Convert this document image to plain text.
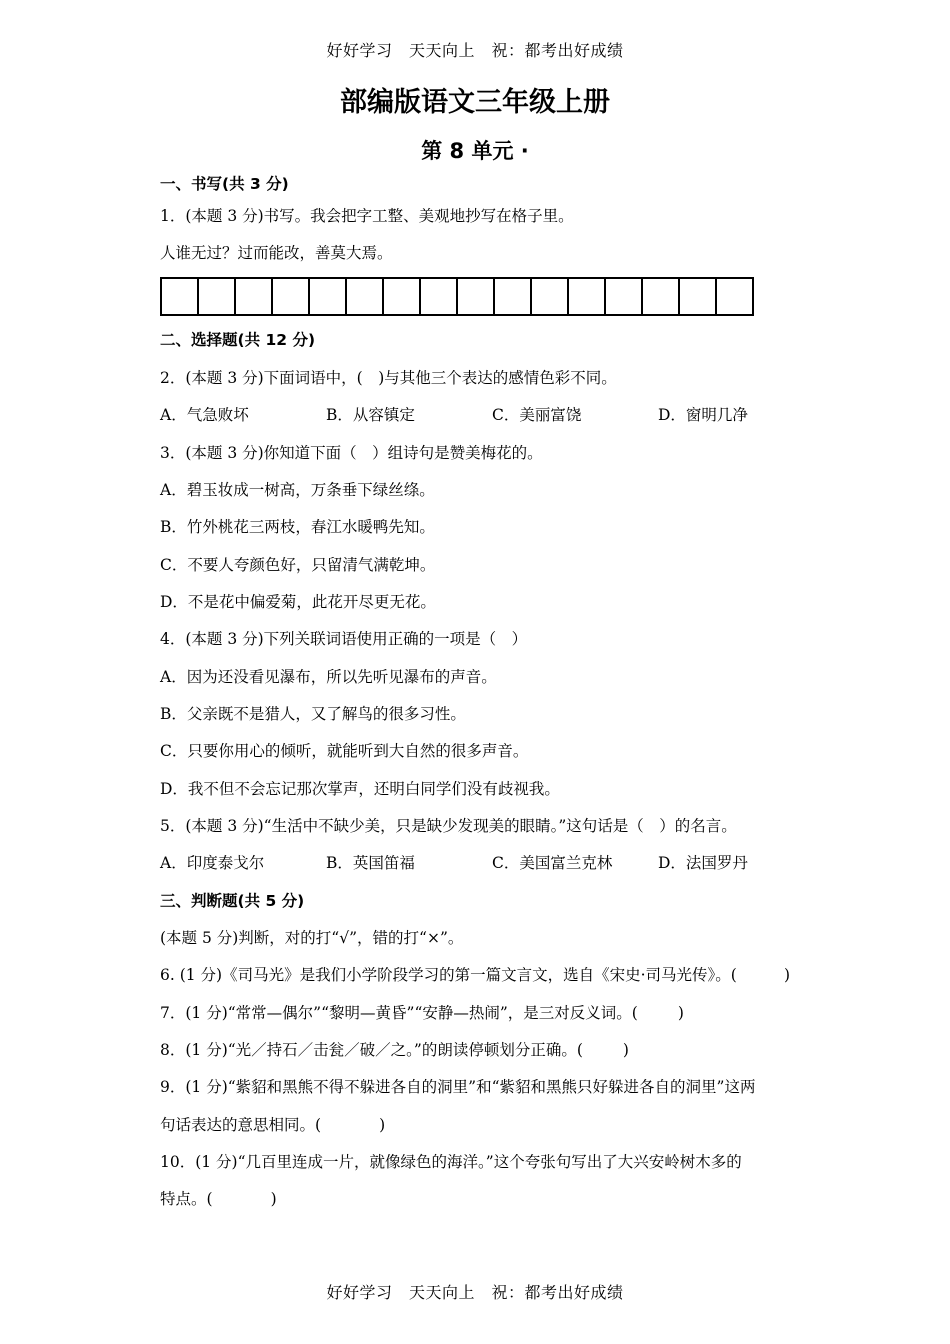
好好学习　天天向上　祝：都考出好成绩
部编版语文三年级上册
第 8 单元 ·
一、书写(共 3 分)
1．(本题 3 分)书写。我会把字工整、美观地抄写在格子里。
人谁无过？过而能改，善莫大焉。
二、选择题(共 12 分)
2．(本题 3 分)下面词语中，(　)与其他三个表达的感情色彩不同。
A．气急败坏	B．从容镇定	C．美丽富饶	D．窗明几净
3．(本题 3 分)你知道下面（　）组诗句是赞美梅花的。
A．碧玉妆成一树高，万条垂下绿丝绦。
B．竹外桃花三两枝，春江水暖鸭先知。
C．不要人夸颜色好，只留清气满乾坤。
D．不是花中偏爱菊，此花开尽更无花。
4．(本题 3 分)下列关联词语使用正确的一项是（　）
A．因为还没看见瀑布，所以先听见瀑布的声音。
B．父亲既不是猎人，又了解鸟的很多习性。
C．只要你用心的倾听，就能听到大自然的很多声音。
D．我不但不会忘记那次掌声，还明白同学们没有歧视我。
5．(本题 3 分)“生活中不缺少美，只是缺少发现美的眼睛。”这句话是（　）的名言。
A．印度泰戈尔	B．英国笛福	C．美国富兰克林	D．法国罗丹
三、判断题(共 5 分)
(本题 5 分)判断，对的打“√”，错的打“×”。
6. (1 分)《司马光》是我们小学阶段学习的第一篇文言文，选自《宋史·司马光传》。(	)
7．(1 分)“常常—偶尔”“黎明—黄昏”“安静—热闹”，是三对反义词。(	)
8．(1 分)“光／持石／击瓮／破／之。”的朗读停顿划分正确。(	)
9．(1 分)“紫貂和黑熊不得不躲进各自的洞里”和“紫貂和黑熊只好躲进各自的洞里”这两
句话表达的意思相同。(	)
10．(1 分)“几百里连成一片，就像绿色的海洋。”这个夸张句写出了大兴安岭树木多的
特点。(	)
好好学习　天天向上　祝：都考出好成绩
